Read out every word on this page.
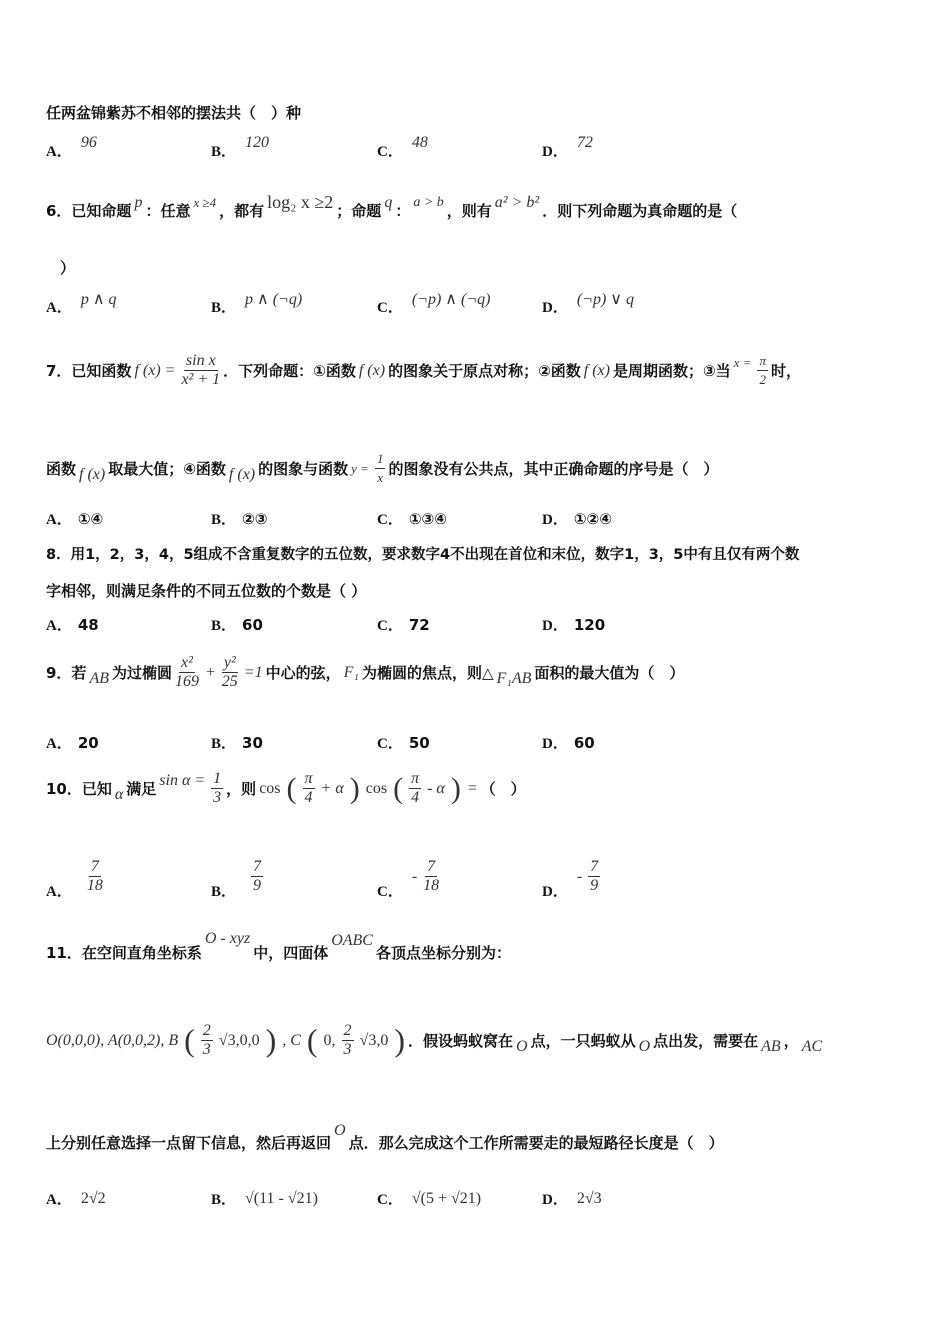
任两盆锦紫苏不相邻的摆法共（　）种
A．
96
B．
120
C．
48
D．
72
6．已知命题 p ：任意 x ≥4 ，都有 log₂ x ≥2 ；命题 q ： a > b ，则有 a² > b² ．则下列命题为真命题的是（
）
A．
p ∧ q
B．
p ∧ (¬q)
C．
(¬p) ∧ (¬q)
D．
(¬p) ∨ q
7．已知函数 f $(x) = \frac{\text{sin x}}{\text{x² + 1}}$ ．下列命题：①函数 f (x) 的图象关于原点对称；②函数 f (x) 是周期函数；③当 $x = \frac{\pi}{2}$ 时，
函数 f (x) 取最大值；④函数 f (x) 的图象与函数 $y = \frac{1}{x}$ 的图象没有公共点，其中正确命题的序号是（　）
A． ①④	B． ②③	C． ①③④	D． ①②④
8．用1，2，3，4，5组成不含重复数字的五位数，要求数字4不出现在首位和末位，数字1，3，5中有且仅有两个数
字相邻，则满足条件的不同五位数的个数是（ ）
A． 48	B． 60	C． 72	D． 120
9．若 AB 为过椭圆
x²
169
+ $\frac{\text{y²}}{25} =1$ 中心的弦， F₁ 为椭圆的焦点，则△ F₁AB 面积的最大值为（　）
A． 20	B． 30	C． 50	D． 60
10．已知 α 满足 $\sin \alpha = \frac{1}{3}$ ，则 cos ( π
4
+ α ) cos ( π
4
- α ) = （　）
A．
7
18	B．
7
9	C．
-
7
18	D．
-
7
9
11．在空间直角坐标系
O - xyz
中，四面体
OABC
各顶点坐标分别为：
O(0,0,0), A(0,0,2), B ( 2
3
√3,0,0 ) , C ( 0,
2
3
√3,0 ) ．假设蚂蚁窝在 O 点，一只蚂蚁从 O 点出发，需要在 AB ， AC
上分别任意选择一点留下信息，然后再返回
O
点．那么完成这个工作所需要走的最短路径长度是（　）
A． 2√2	B． √(11 - √21)	C． √(5 + √21)	D． 2√3
